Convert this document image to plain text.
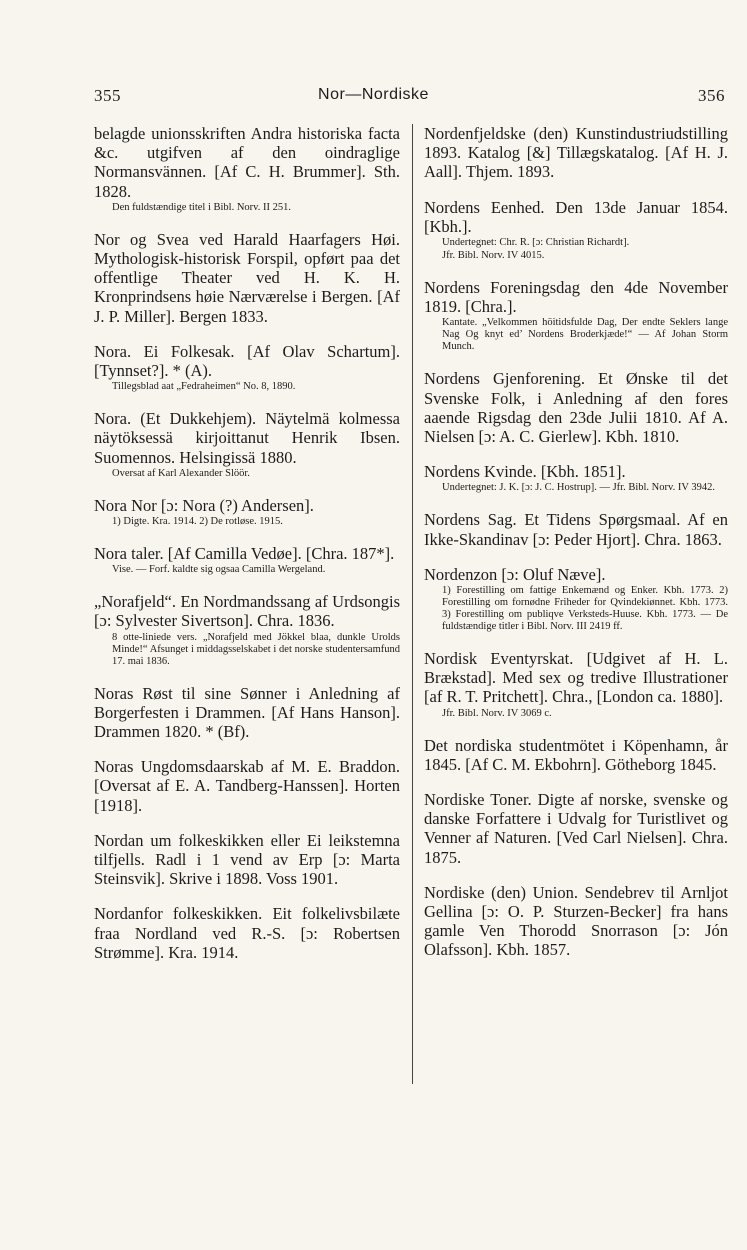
355	Nor—Nordiske	356

belagde unionsskriften Andra historiska facta &c. utgifven af den oindraglige Normansvännen. [Af C. H. Brummer]. Sth. 1828.

Den fuldstændige titel i Bibl. Norv. II 251.

Nor og Svea ved Harald Haarfagers Høi. Mythologisk-historisk Forspil, opført paa det offentlige Theater ved H. K. H. Kronprindsens høie Nærværelse i Bergen. [Af J. P. Miller]. Bergen 1833.

Nora. Ei Folkesak. [Af Olav Schartum]. [Tynnset?]. * (A).

Tillegsblad aat „Fedraheimen“ No. 8, 1890.

Nora. (Et Dukkehjem). Näytelmä kolmessa näytöksessä kirjoittanut Henrik Ibsen. Suomennos. Helsingissä 1880.

Oversat af Karl Alexander Slöör.

Nora Nor [ɔ: Nora (?) Andersen].

1) Digte. Kra. 1914. 2) De rotløse. 1915.

Nora taler. [Af Camilla Vedøe]. [Chra. 187*].

Vise. — Forf. kaldte sig ogsaa Camilla Wergeland.

„Norafjeld“. En Nordmandssang af Urdsongis [ɔ: Sylvester Sivertson]. Chra. 1836.

8 otte-liniede vers. „Norafjeld med Jökkel blaa, dunkle Urolds Minde!“ Afsunget i middagsselskabet i det norske studentersamfund 17. mai 1836.

Noras Røst til sine Sønner i Anledning af Borgerfesten i Drammen. [Af Hans Hanson]. Drammen 1820. * (Bf).

Noras Ungdomsdaarskab af M. E. Braddon. [Oversat af E. A. Tandberg-Hanssen]. Horten [1918].

Nordan um folkeskikken eller Ei leikstemna tilfjells. Radl i 1 vend av Erp [ɔ: Marta Steinsvik]. Skrive i 1898. Voss 1901.

Nordanfor folkeskikken. Eit folkelivsbilæte fraa Nordland ved R.-S. [ɔ: Robertsen Strømme]. Kra. 1914.

Nordenfjeldske (den) Kunstindustriudstilling 1893. Katalog [&] Tillægskatalog. [Af H. J. Aall]. Thjem. 1893.

Nordens Eenhed. Den 13de Januar 1854. [Kbh.].

Undertegnet: Chr. R. [ɔ: Christian Richardt].

Jfr. Bibl. Norv. IV 4015.

Nordens Foreningsdag den 4de November 1819. [Chra.].

Kantate. „Velkommen höitidsfulde Dag, Der endte Seklers lange Nag Og knyt ed’ Nordens Broderkjæde!“ — Af Johan Storm Munch.

Nordens Gjenforening. Et Ønske til det Svenske Folk, i Anledning af den fores aaende Rigsdag den 23de Julii 1810. Af A. Nielsen [ɔ: A. C. Gierlew]. Kbh. 1810.

Nordens Kvinde. [Kbh. 1851].

Undertegnet: J. K. [ɔ: J. C. Hostrup]. — Jfr. Bibl. Norv. IV 3942.

Nordens Sag. Et Tidens Spørgsmaal. Af en Ikke-Skandinav [ɔ: Peder Hjort]. Chra. 1863.

Nordenzon [ɔ: Oluf Næve].

1) Forestilling om fattige Enkemænd og Enker. Kbh. 1773. 2) Forestilling om fornødne Friheder for Qvindekiønnet. Kbh. 1773. 3) Forestilling om publiqve Verksteds-Huuse. Kbh. 1773. — De fuldstændige titler i Bibl. Norv. III 2419 ff.

Nordisk Eventyrskat. [Udgivet af H. L. Brækstad]. Med sex og tredive Illustrationer [af R. T. Pritchett]. Chra., [London ca. 1880].

Jfr. Bibl. Norv. IV 3069 c.

Det nordiska studentmötet i Köpenhamn, år 1845. [Af C. M. Ekbohrn]. Götheborg 1845.

Nordiske Toner. Digte af norske, svenske og danske Forfattere i Udvalg for Turistlivet og Venner af Naturen. [Ved Carl Nielsen]. Chra. 1875.

Nordiske (den) Union. Sendebrev til Arnljot Gellina [ɔ: O. P. Sturzen-Becker] fra hans gamle Ven Thorodd Snorrason [ɔ: Jón Olafsson]. Kbh. 1857.
